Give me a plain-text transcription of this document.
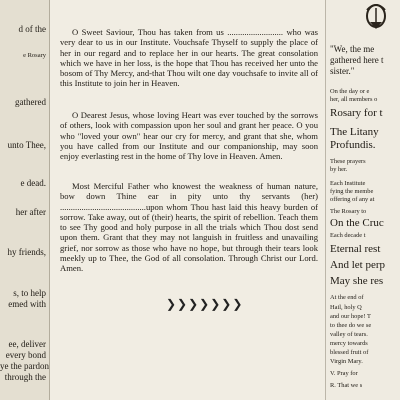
d of the
e Rosary
gathered
unto Thee,
e dead.
her after
hy friends,
s, to help
emed with
ee, deliver
every bond
ye the pardon
through the

O Sweet Saviour, Thou has taken from us .......................... who was very dear to us in our Institute. Vouchsafe Thyself to supply the place of her in our regard and to replace her in our hearts. The great consolation which we have in her loss, is the hope that Thou has received her unto the bosom of Thy Mercy, and-that Thou wilt one day vouchsafe to invite all of this Institute to join her in Heaven.

O Dearest Jesus, whose loving Heart was ever touched by the sorrows of others, look with compassion upon her soul and grant her peace. O you who "loved your own" hear our cry for mercy, and grant that she, whom you have called from our Institute and our companionship, may soon enjoy everlasting rest in the home of Thy love in Heaven. Amen.

Most Merciful Father who knowest the weakness of human nature, bow down Thine ear in pity unto thy servants (her) ........................................upon whom Thou hast laid this heavy burden of sorrow. Take away, out of (their) hearts, the spirit of rebellion. Teach them to see Thy good and holy purpose in all the trials which Thou dost send upon them. Grant that they may not languish in fruitless and unavailing grief, nor sorrow as those who have no hope, but through their tears look meekly up to Thee, the God of all consolation. Through Christ our Lord. Amen.

❯❯❯❯❯❯❯
"We, the me
gathered here t
sister."
On the day or e
her, all members o
Rosary for t
The Litany
Profundis.
These prayers
by her.
Each Institute
fying the membe
offering of any at
The Rosary to
On the Cruc
Each decade t
Eternal rest
And let perp
May she res
At the end of
Hail, holy Q
and our hope! T
to thee do we se
valley of tears.
mercy towards
blessed fruit of
Virgin Mary.
V. Pray for
R. That we s
